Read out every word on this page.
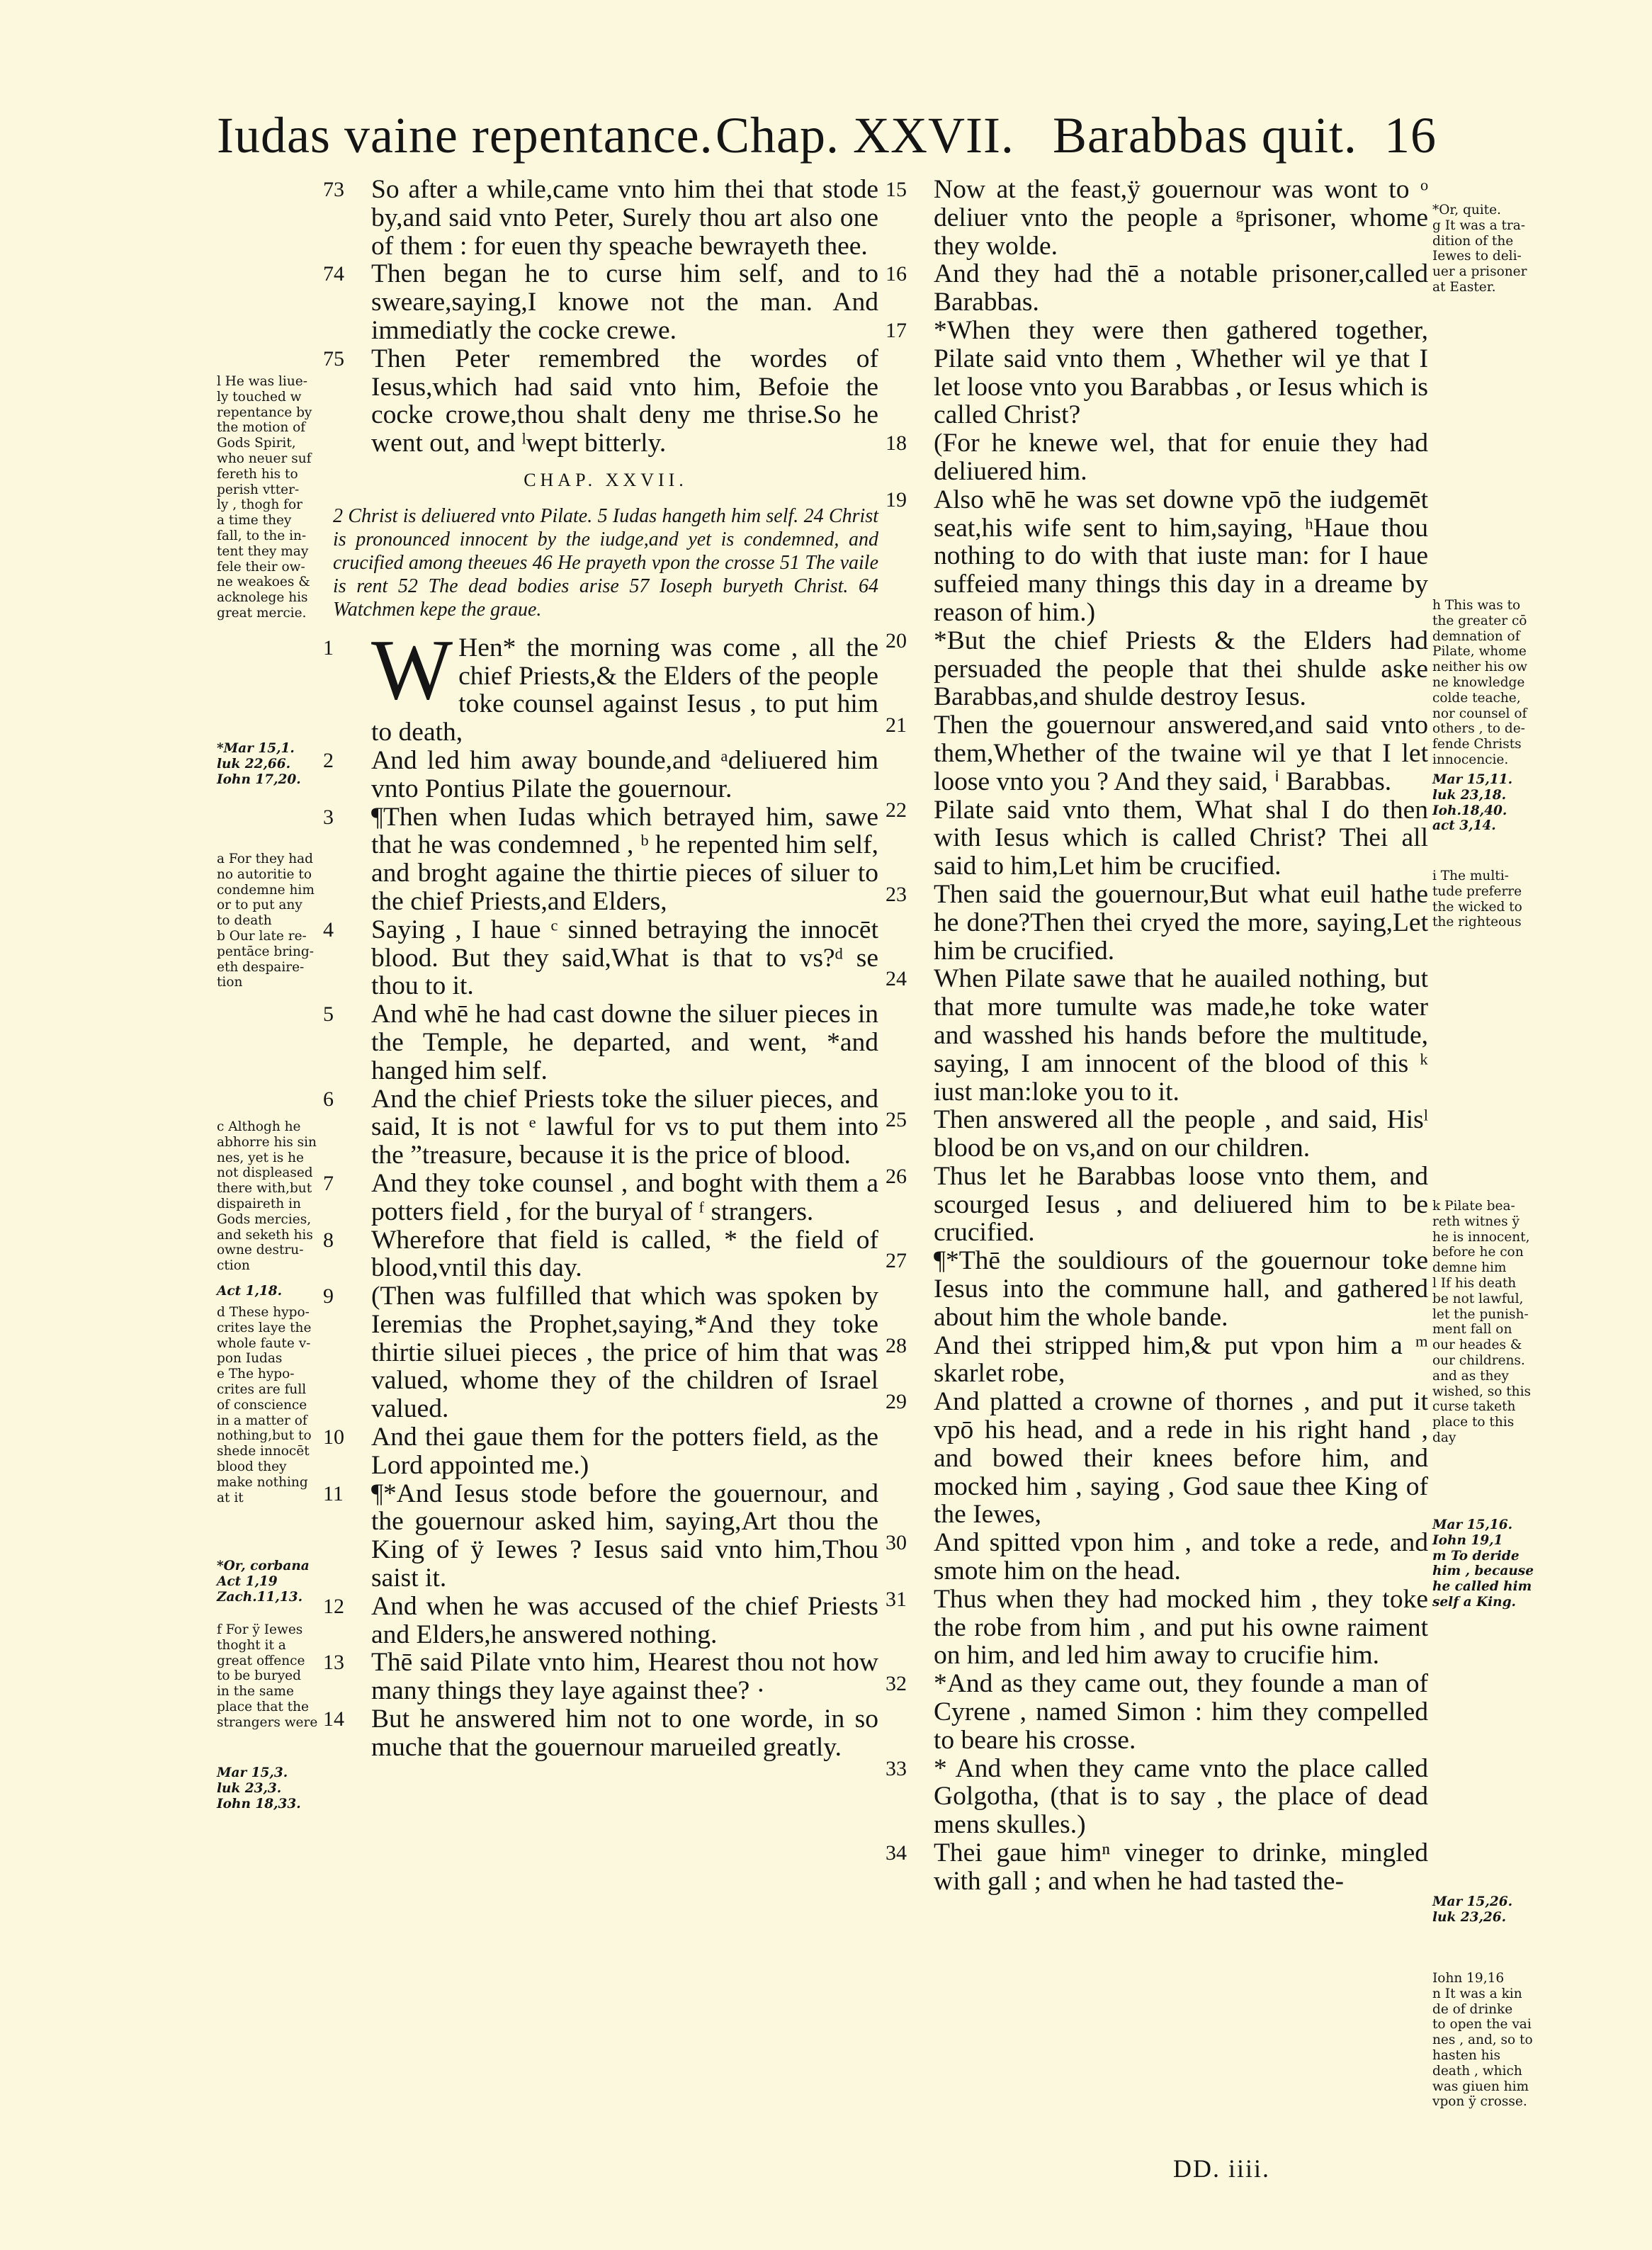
Iudas vaine repentance. Chap. XXVII. Barabbas quit. 16

73 So after a while,came vnto him thei that stode by,and said vnto Peter, Surely thou art also one of them : for euen thy speache bewrayeth thee.

74 Then began he to curse him self, and to sweare,saying,I knowe not the man. And immediatly the cocke crewe.

75 Then Peter remembred the wordes of Iesus,which had said vnto him, Befoie the cocke crowe,thou shalt deny me thrise.So he went out, and ˡwept bitterly.

CHAP. XXVII.

2 Christ is deliuered vnto Pilate. 5 Iudas hangeth him self. 24 Christ is pronounced innocent by the iudge,and yet is condemned, and crucified among theeues 46 He prayeth vpon the crosse 51 The vaile is rent 52 The dead bodies arise 57 Ioseph buryeth Christ. 64 Watchmen kepe the graue.

1 W Hen* the morning was come , all the chief Priests,& the Elders of the people toke counsel against Iesus , to put him to death,

2 And led him away bounde,and ᵃdeliuered him vnto Pontius Pilate the gouernour.

3 ¶Then when Iudas which betrayed him, sawe that he was condemned , ᵇ he repented him self, and broght againe the thirtie pieces of siluer to the chief Priests,and Elders,

4 Saying , I haue ᶜ sinned betraying the innocēt blood. But they said,What is that to vs?ᵈ se thou to it.

5 And whē he had cast downe the siluer pieces in the Temple, he departed, and went, *and hanged him self.

6 And the chief Priests toke the siluer pieces, and said, It is not ᵉ lawful for vs to put them into the ”treasure, because it is the price of blood.

7 And they toke counsel , and boght with them a potters field , for the buryal of ᶠ strangers.

8 Wherefore that field is called, * the field of blood,vntil this day.

9 (Then was fulfilled that which was spoken by Ieremias the Prophet,saying,*And they toke thirtie siluei pieces , the price of him that was valued, whome they of the children of Israel valued.

10 And thei gaue them for the potters field, as the Lord appointed me.)

11 ¶*And Iesus stode before the gouernour, and the gouernour asked him, saying,Art thou the King of ÿ Iewes ? Iesus said vnto him,Thou saist it.

12 And when he was accused of the chief Priests and Elders,he answered nothing.

13 Thē said Pilate vnto him, Hearest thou not how many things they laye against thee? ·

14 But he answered him not to one worde, in so muche that the gouernour marueiled greatly.

15 Now at the feast,ÿ gouernour was wont to ᵒ deliuer vnto the people a ᵍprisoner, whome they wolde.

16 And they had thē a notable prisoner,called Barabbas.

17 *When they were then gathered together, Pilate said vnto them , Whether wil ye that I let loose vnto you Barabbas , or Iesus which is called Christ?

18 (For he knewe wel, that for enuie they had deliuered him.

19 Also whē he was set downe vpō the iudgemēt seat,his wife sent to him,saying, ʰHaue thou nothing to do with that iuste man: for I haue suffeied many things this day in a dreame by reason of him.)

20 *But the chief Priests & the Elders had persuaded the people that thei shulde aske Barabbas,and shulde destroy Iesus.

21 Then the gouernour answered,and said vnto them,Whether of the twaine wil ye that I let loose vnto you ? And they said, ⁱ Barabbas.

22 Pilate said vnto them, What shal I do then with Iesus which is called Christ? Thei all said to him,Let him be crucified.

23 Then said the gouernour,But what euil hathe he done?Then thei cryed the more, saying,Let him be crucified.

24 When Pilate sawe that he auailed nothing, but that more tumulte was made,he toke water and wasshed his hands before the multitude, saying, I am innocent of the blood of this ᵏ iust man:loke you to it.

25 Then answered all the people , and said, Hisˡ blood be on vs,and on our children.

26 Thus let he Barabbas loose vnto them, and scourged Iesus , and deliuered him to be crucified.

27 ¶*Thē the souldiours of the gouernour toke Iesus into the commune hall, and gathered about him the whole bande.

28 And thei stripped him,& put vpon him a ᵐ skarlet robe,

29 And platted a crowne of thornes , and put it vpō his head, and a rede in his right hand , and bowed their knees before him, and mocked him , saying , God saue thee King of the Iewes,

30 And spitted vpon him , and toke a rede, and smote him on the head.

31 Thus when they had mocked him , they toke the robe from him , and put his owne raiment on him, and led him away to crucifie him.

32 *And as they came out, they founde a man of Cyrene , named Simon : him they compelled to beare his crosse.

33 * And when they came vnto the place called Golgotha, (that is to say , the place of dead mens skulles.)

34 Thei gaue himⁿ vineger to drinke, mingled with gall ; and when he had tasted the-

l He was liue-
ly touched w
repentance by
the motion of
Gods Spirit,
who neuer suf
fereth his to
perish vtter-
ly , thogh for
a time they
fall, to the in-
tent they may
fele their ow-
ne weakoes &
acknolege his
great mercie.
*Mar 15,1.
luk 22,66.
Iohn 17,20.
a For they had
no autoritie to
condemne him
or to put any
to death
b Our late re-
pentāce bring-
eth despaire-
tion
c Althogh he
abhorre his sin
nes, yet is he
not displeased
there with,but
dispaireth in
Gods mercies,
and seketh his
owne destru-
ction
Act 1,18.
d These hypo-
crites laye the
whole faute v-
pon Iudas
e The hypo-
crites are full
of conscience
in a matter of
nothing,but to
shede innocēt
blood they
make nothing
at it
*Or, corbana
Act 1,19
Zach.11,13.
f For ÿ Iewes
thoght it a
great offence
to be buryed
in the same
place that the
strangers were
Mar 15,3.
luk 23,3.
Iohn 18,33.
*Or, quite.
g It was a tra-
dition of the
Iewes to deli-
uer a prisoner
at Easter.
h This was to
the greater cō
demnation of
Pilate, whome
neither his ow
ne knowledge
colde teache,
nor counsel of
others , to de-
fende Christs
innocencie.
Mar 15,11.
luk 23,18.
Ioh.18,40.
act 3,14.
i The multi-
tude preferre
the wicked to
the righteous
k Pilate bea-
reth witnes ÿ
he is innocent,
before he con
demne him
l If his death
be not lawful,
let the punish-
ment fall on
our heades &
our childrens.
and as they
wished, so this
curse taketh
place to this
day
Mar 15,16.
Iohn 19,1
m To deride
him , because
he called him
self a King.
Mar 15,26.
luk 23,26.
Iohn 19,16
n It was a kin
de of drinke
to open the vai
nes , and, so to
hasten his
death , which
was giuen him
vpon ÿ crosse.
DD. iiii.
